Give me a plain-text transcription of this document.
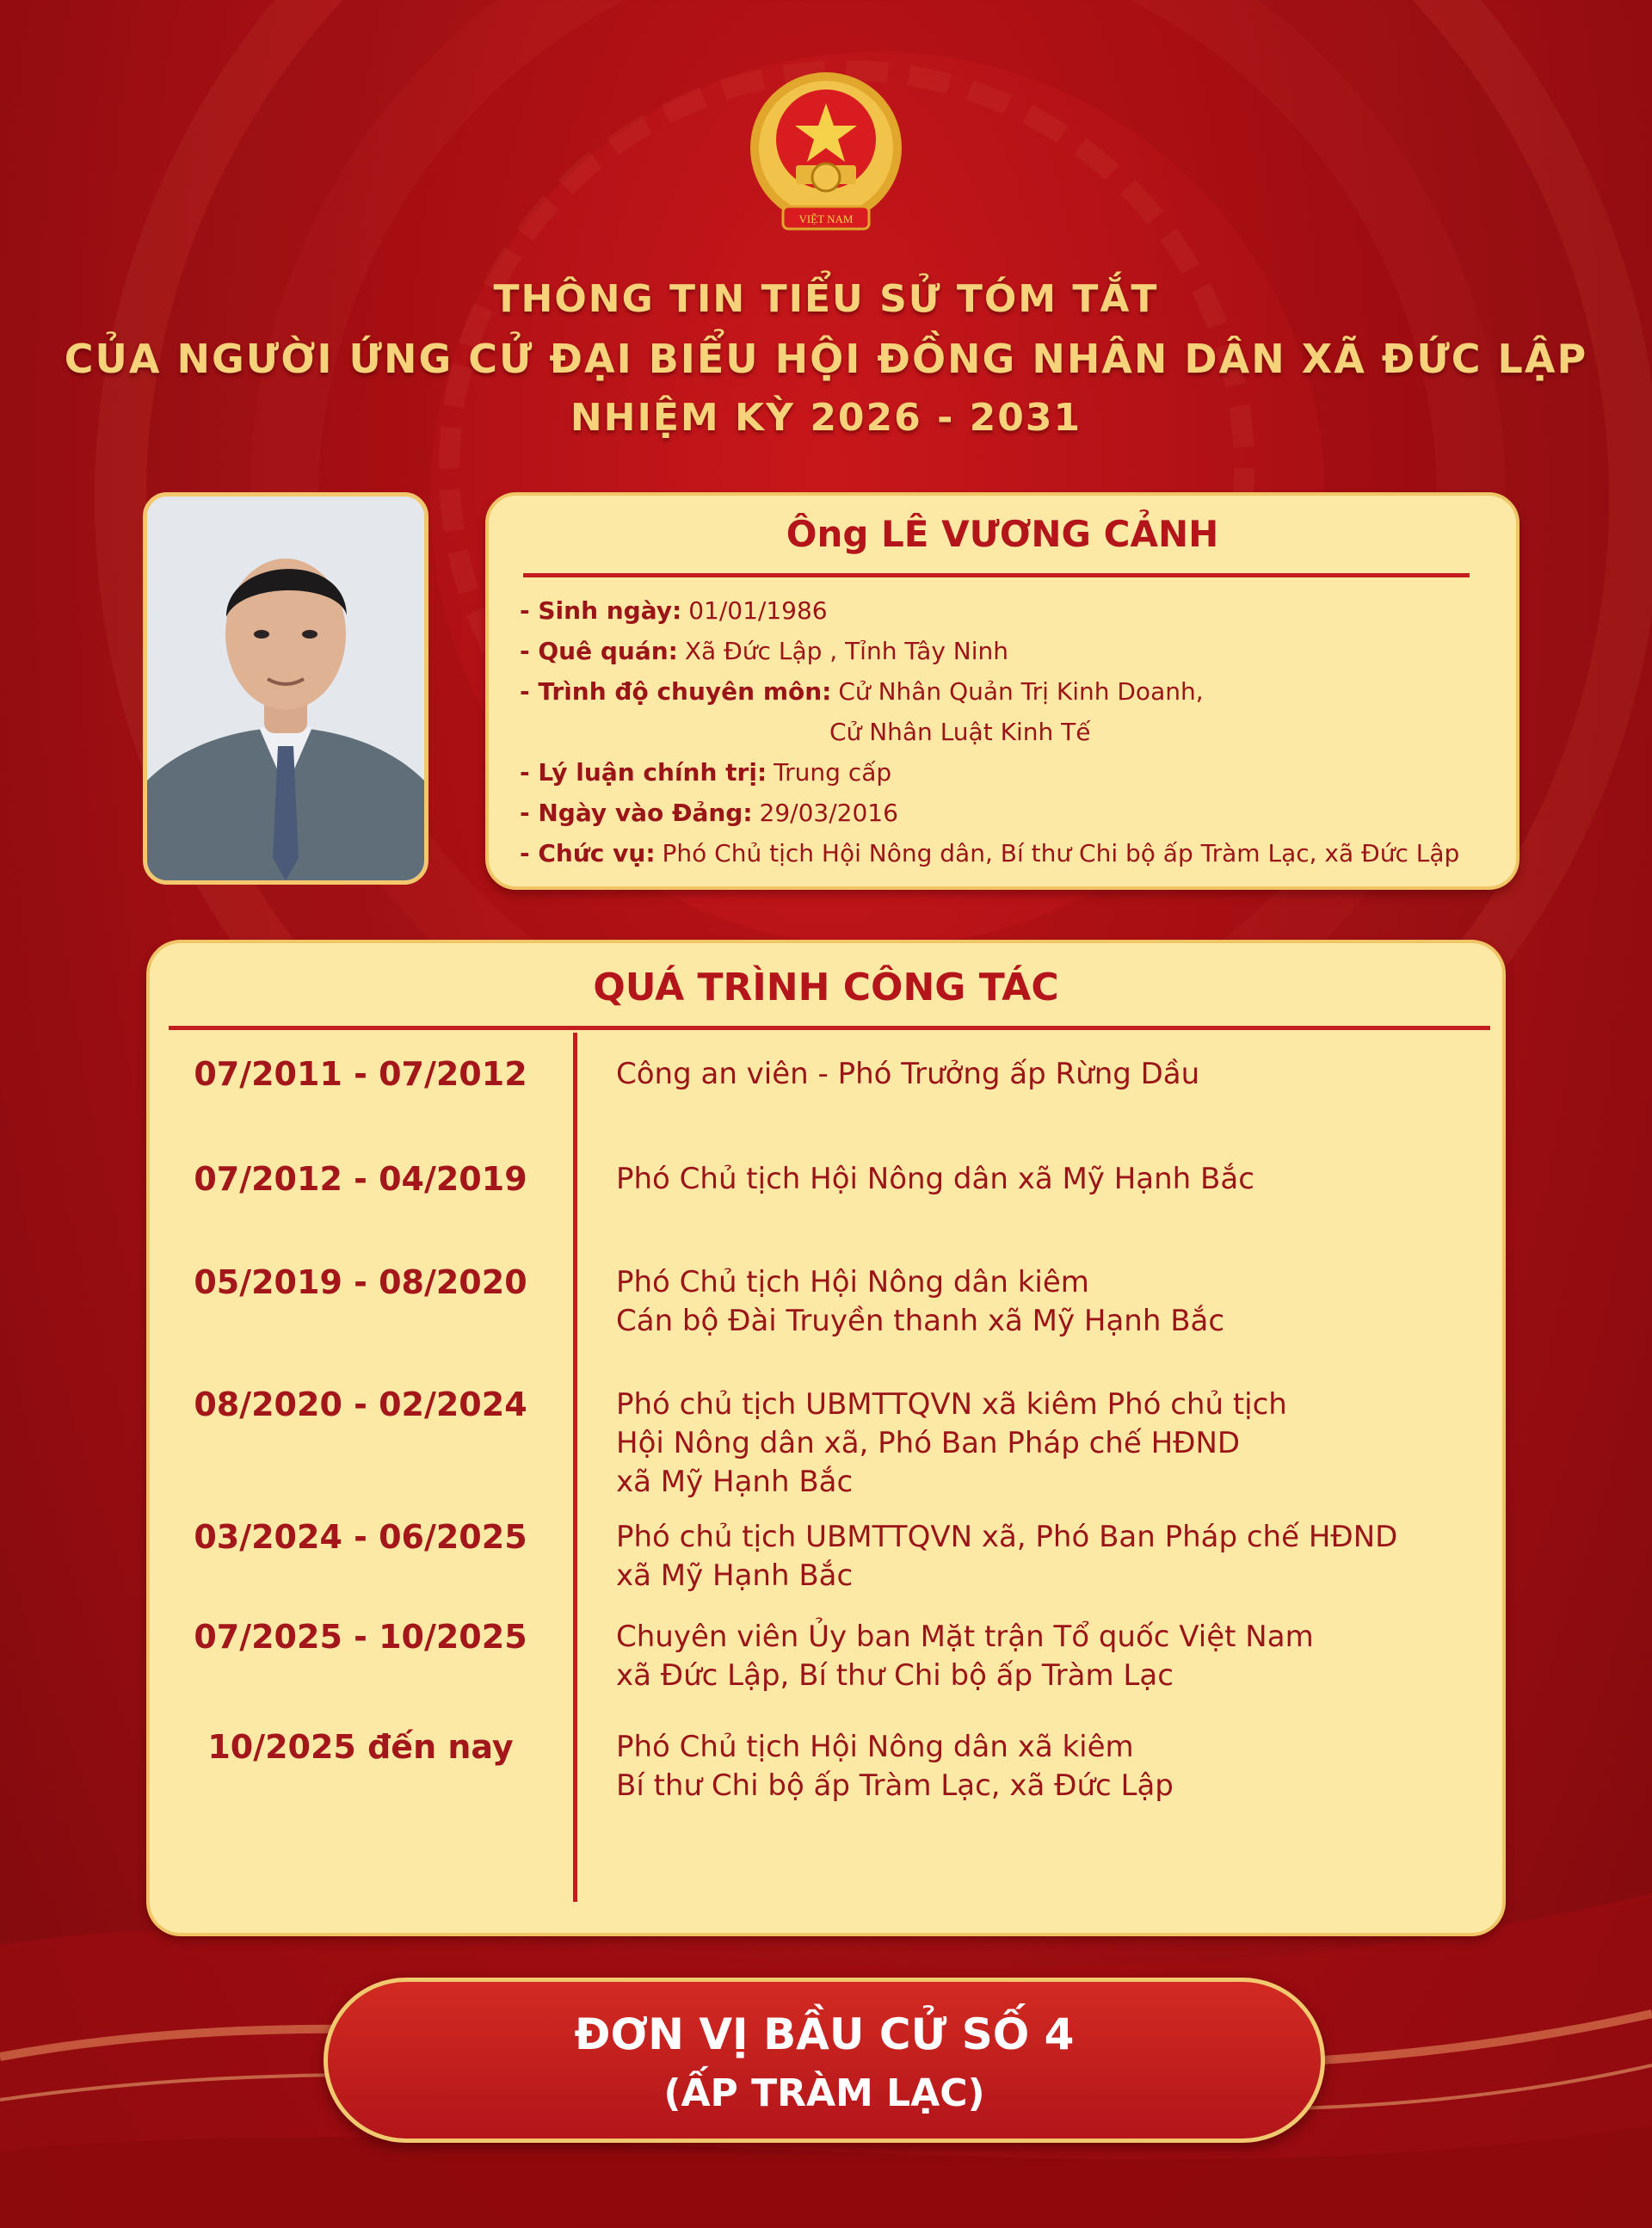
VIỆT NAM
THÔNG TIN TIỂU SỬ TÓM TẮT
CỦA NGƯỜI ỨNG CỬ ĐẠI BIỂU HỘI ĐỒNG NHÂN DÂN XÃ ĐỨC LẬP
NHIỆM KỲ 2026 - 2031
Ông LÊ VƯƠNG CẢNH
- Sinh ngày: 01/01/1986
- Quê quán: Xã Đức Lập , Tỉnh Tây Ninh
- Trình độ chuyên môn: Cử Nhân Quản Trị Kinh Doanh,
Cử Nhân Luật Kinh Tế
- Lý luận chính trị: Trung cấp
- Ngày vào Đảng: 29/03/2016
- Chức vụ: Phó Chủ tịch Hội Nông dân, Bí thư Chi bộ ấp Tràm Lạc, xã Đức Lập
QUÁ TRÌNH CÔNG TÁC
07/2011 - 07/2012	Công an viên - Phó Trưởng ấp Rừng Dầu
07/2012 - 04/2019	Phó Chủ tịch Hội Nông dân xã Mỹ Hạnh Bắc
05/2019 - 08/2020	Phó Chủ tịch Hội Nông dân kiêm
Cán bộ Đài Truyền thanh xã Mỹ Hạnh Bắc
08/2020 - 02/2024	Phó chủ tịch UBMTTQVN xã kiêm Phó chủ tịch
Hội Nông dân xã, Phó Ban Pháp chế HĐND
xã Mỹ Hạnh Bắc
03/2024 - 06/2025	Phó chủ tịch UBMTTQVN xã, Phó Ban Pháp chế HĐND
xã Mỹ Hạnh Bắc
07/2025 - 10/2025	Chuyên viên Ủy ban Mặt trận Tổ quốc Việt Nam
xã Đức Lập, Bí thư Chi bộ ấp Tràm Lạc
10/2025 đến nay	Phó Chủ tịch Hội Nông dân xã kiêm
Bí thư Chi bộ ấp Tràm Lạc, xã Đức Lập
ĐƠN VỊ BẦU CỬ SỐ 4
(ẤP TRÀM LẠC)
